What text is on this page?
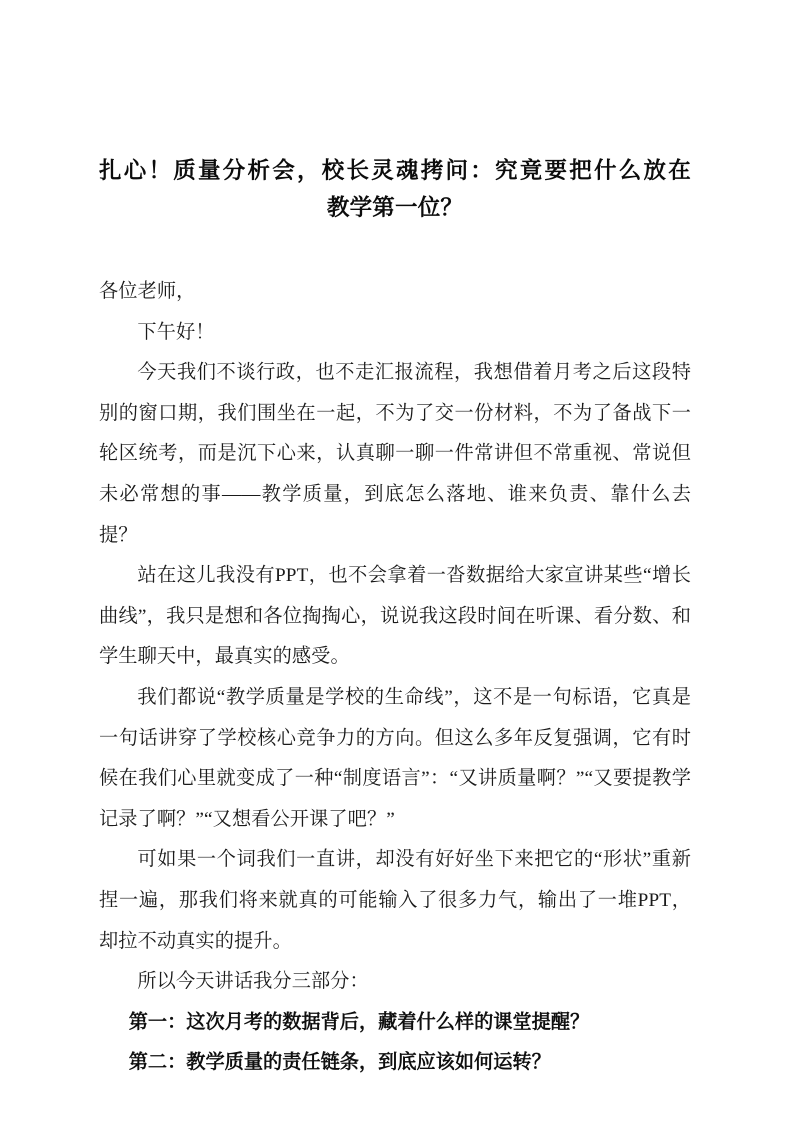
扎心！质量分析会，校长灵魂拷问：究竟要把什么放在
教学第一位？

各位老师，

下午好！

今天我们不谈行政，也不走汇报流程，我想借着月考之后这段特别的窗口期，我们围坐在一起，不为了交一份材料，不为了备战下一轮区统考，而是沉下心来，认真聊一聊一件常讲但不常重视、常说但未必常想的事——教学质量，到底怎么落地、谁来负责、靠什么去提？

站在这儿我没有PPT，也不会拿着一沓数据给大家宣讲某些“增长曲线”，我只是想和各位掏掏心，说说我这段时间在听课、看分数、和学生聊天中，最真实的感受。

我们都说“教学质量是学校的生命线”，这不是一句标语，它真是一句话讲穿了学校核心竞争力的方向。但这么多年反复强调，它有时候在我们心里就变成了一种“制度语言”：“又讲质量啊？”“又要提教学记录了啊？”“又想看公开课了吧？”

可如果一个词我们一直讲，却没有好好坐下来把它的“形状”重新捏一遍，那我们将来就真的可能输入了很多力气，输出了一堆PPT，却拉不动真实的提升。

所以今天讲话我分三部分：

第一：这次月考的数据背后，藏着什么样的课堂提醒？

第二：教学质量的责任链条，到底应该如何运转？
